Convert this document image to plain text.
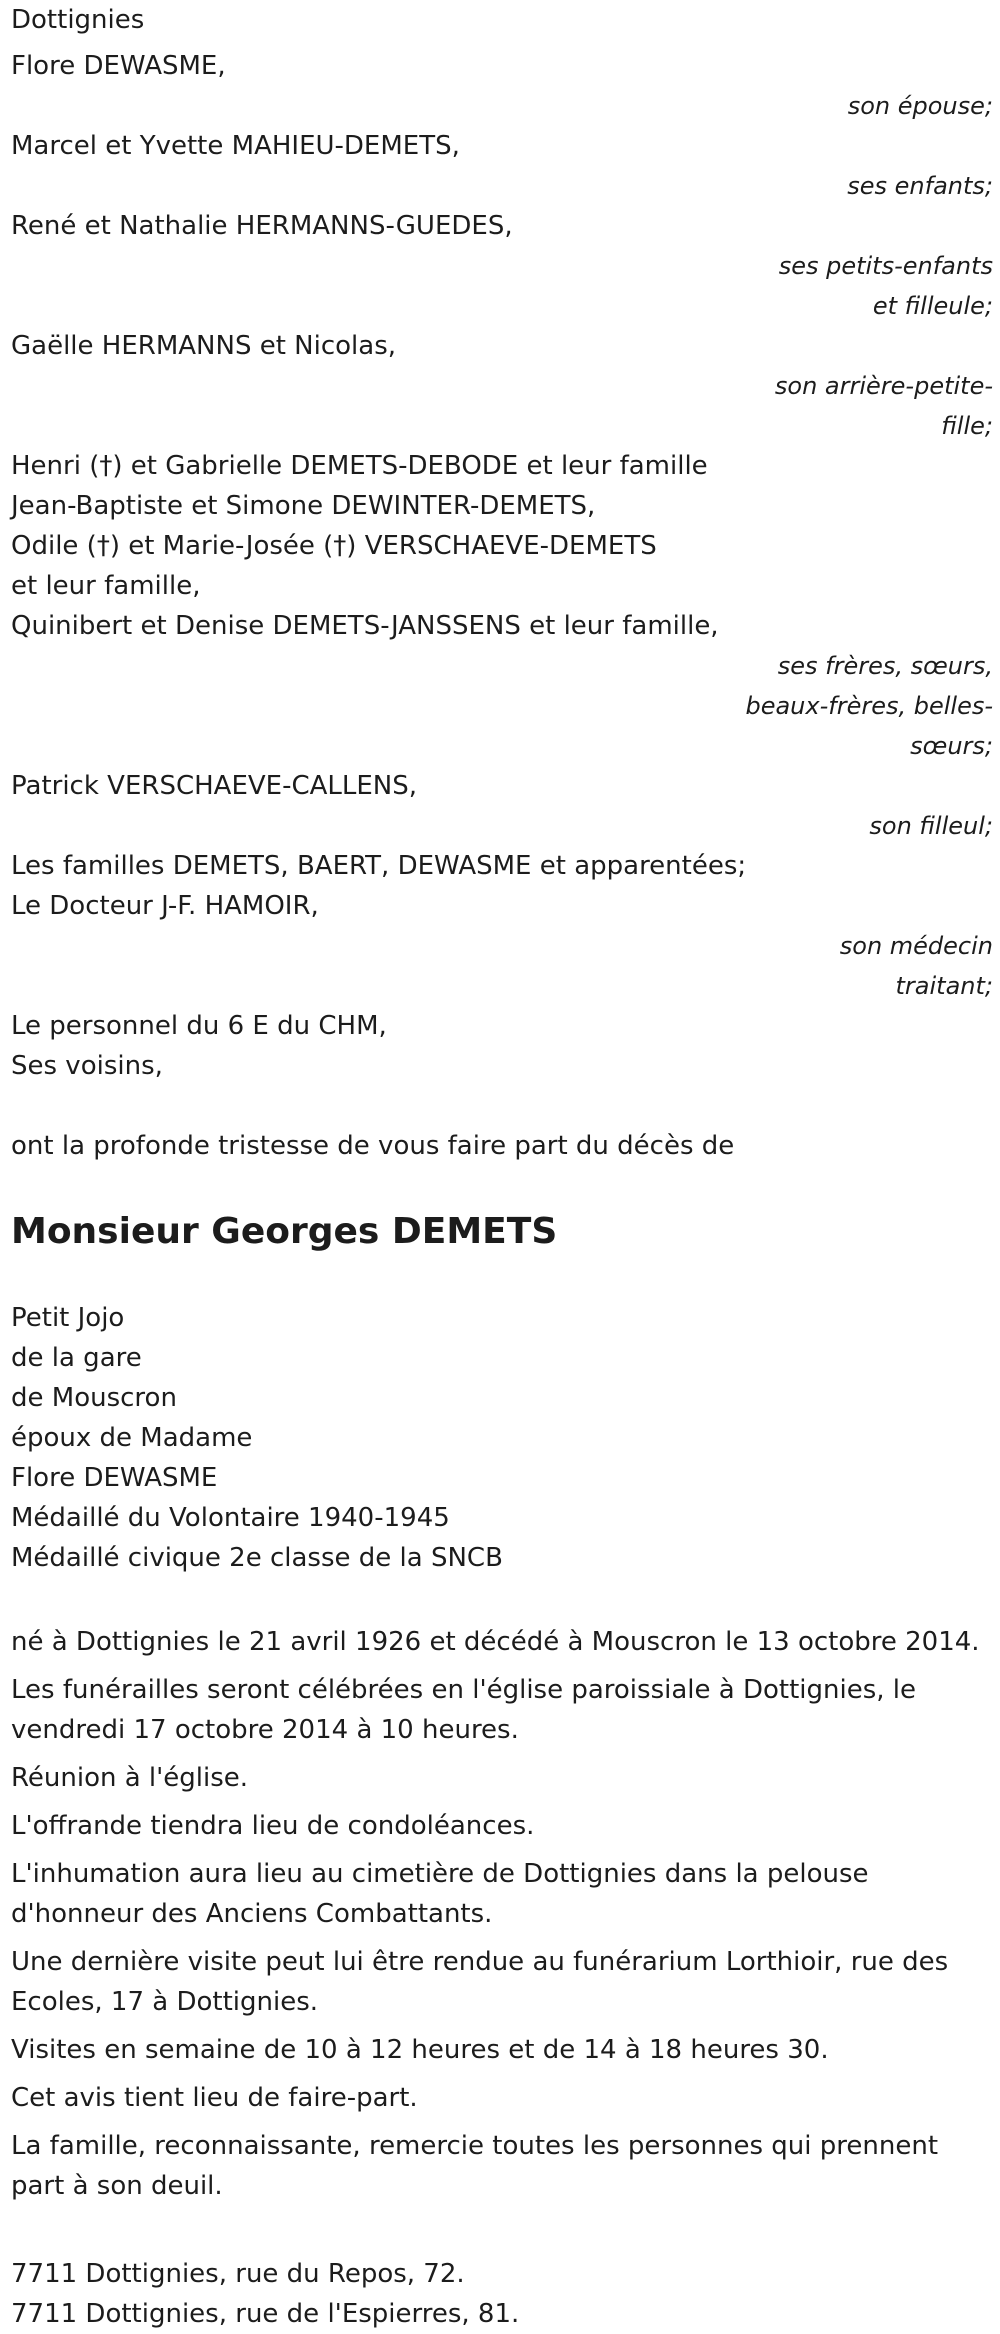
Dottignies
Flore DEWASME,
son épouse;
Marcel et Yvette MAHIEU-DEMETS,
ses enfants;
René et Nathalie HERMANNS-GUEDES,
ses petits-enfants
et filleule;
Gaëlle HERMANNS et Nicolas,
son arrière-petite-
fille;
Henri (†) et Gabrielle DEMETS-DEBODE et leur famille
Jean-Baptiste et Simone DEWINTER-DEMETS,
Odile (†) et Marie-Josée (†) VERSCHAEVE-DEMETS
et leur famille,
Quinibert et Denise DEMETS-JANSSENS et leur famille,
ses frères, sœurs,
beaux-frères, belles-
sœurs;
Patrick VERSCHAEVE-CALLENS,
son filleul;
Les familles DEMETS, BAERT, DEWASME et apparentées;
Le Docteur J-F. HAMOIR,
son médecin
traitant;
Le personnel du 6 E du CHM,
Ses voisins,
ont la profonde tristesse de vous faire part du décès de
Monsieur Georges DEMETS
Petit Jojo
de la gare
de Mouscron
époux de Madame
Flore DEWASME
Médaillé du Volontaire 1940-1945
Médaillé civique 2e classe de la SNCB
né à Dottignies le 21 avril 1926 et décédé à Mouscron le 13 octobre 2014.
Les funérailles seront célébrées en l'église paroissiale à Dottignies, le vendredi 17 octobre 2014 à 10 heures.
Réunion à l'église.
L'offrande tiendra lieu de condoléances.
L'inhumation aura lieu au cimetière de Dottignies dans la pelouse d'honneur des Anciens Combattants.
Une dernière visite peut lui être rendue au funérarium Lorthioir, rue des Ecoles, 17 à Dottignies.
Visites en semaine de 10 à 12 heures et de 14 à 18 heures 30.
Cet avis tient lieu de faire-part.
La famille, reconnaissante, remercie toutes les personnes qui prennent part à son deuil.
7711 Dottignies, rue du Repos, 72.
7711 Dottignies, rue de l'Espierres, 81.
